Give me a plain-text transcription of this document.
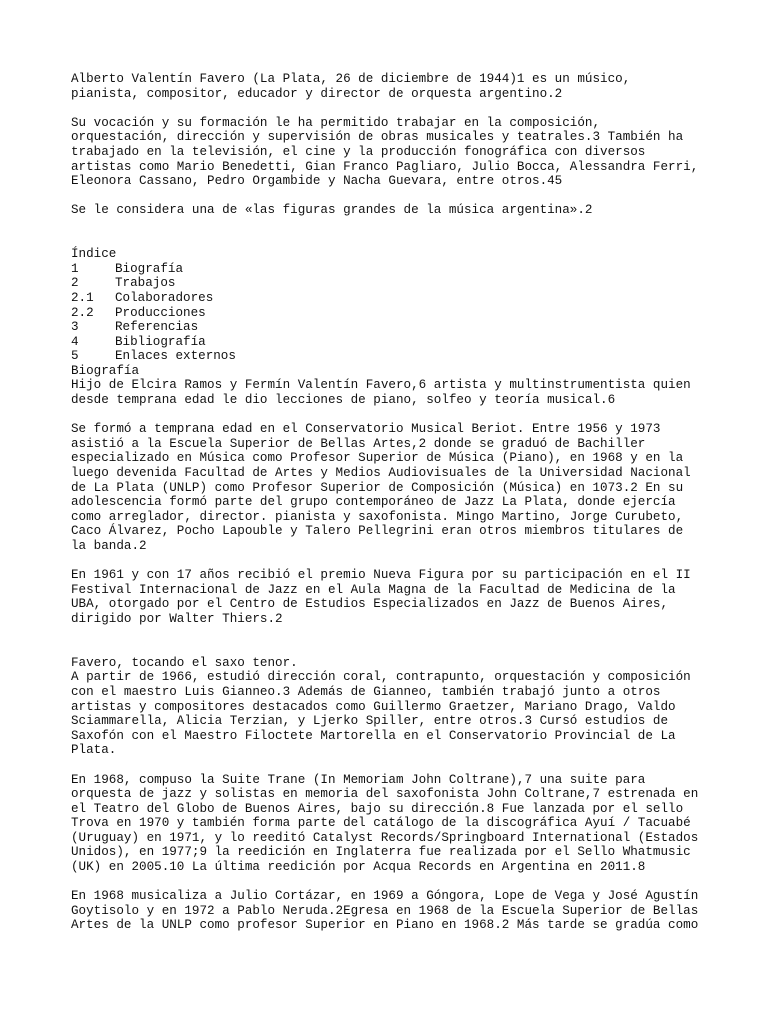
Alberto Valentín Favero (La Plata, 26 de diciembre de 1944)1 es un músico,
pianista, compositor, educador y director de orquesta argentino.2
Su vocación y su formación le ha permitido trabajar en la composición,
orquestación, dirección y supervisión de obras musicales y teatrales.3 También ha
trabajado en la televisión, el cine y la producción fonográfica con diversos
artistas como Mario Benedetti, Gian Franco Pagliaro, Julio Bocca, Alessandra Ferri,
Eleonora Cassano, Pedro Orgambide y Nacha Guevara, entre otros.45
Se le considera una de «las figuras grandes de la música argentina».2
Índice
1	Biografía
2	Trabajos
2.1	Colaboradores
2.2	Producciones
3	Referencias
4	Bibliografía
5	Enlaces externos
Biografía
Hijo de Elcira Ramos y Fermín Valentín Favero,6 artista y multinstrumentista quien
desde temprana edad le dio lecciones de piano, solfeo y teoría musical.6
Se formó a temprana edad en el Conservatorio Musical Beriot. Entre 1956 y 1973
asistió a la Escuela Superior de Bellas Artes,2 donde se graduó de Bachiller
especializado en Música como Profesor Superior de Música (Piano), en 1968 y en la
luego devenida Facultad de Artes y Medios Audiovisuales de la Universidad Nacional
de La Plata (UNLP) como Profesor Superior de Composición (Música) en 1073.2 En su
adolescencia formó parte del grupo contemporáneo de Jazz La Plata, donde ejercía
como arreglador, director. pianista y saxofonista. Mingo Martino, Jorge Curubeto,
Caco Álvarez, Pocho Lapouble y Talero Pellegrini eran otros miembros titulares de
la banda.2
En 1961 y con 17 años recibió el premio Nueva Figura por su participación en el II
Festival Internacional de Jazz en el Aula Magna de la Facultad de Medicina de la
UBA, otorgado por el Centro de Estudios Especializados en Jazz de Buenos Aires,
dirigido por Walter Thiers.2
Favero, tocando el saxo tenor.
A partir de 1966, estudió dirección coral, contrapunto, orquestación y composición
con el maestro Luis Gianneo.3 Además de Gianneo, también trabajó junto a otros
artistas y compositores destacados como Guillermo Graetzer, Mariano Drago, Valdo
Sciammarella, Alicia Terzian, y Ljerko Spiller, entre otros.3 Cursó estudios de
Saxofón con el Maestro Filoctete Martorella en el Conservatorio Provincial de La
Plata.
En 1968, compuso la Suite Trane (In Memoriam John Coltrane),7 una suite para
orquesta de jazz y solistas en memoria del saxofonista John Coltrane,7 estrenada en
el Teatro del Globo de Buenos Aires, bajo su dirección.8 Fue lanzada por el sello
Trova en 1970 y también forma parte del catálogo de la discográfica Ayuí / Tacuabé
(Uruguay) en 1971, y lo reeditó Catalyst Records/Springboard International (Estados
Unidos), en 1977;9 la reedición en Inglaterra fue realizada por el Sello Whatmusic
(UK) en 2005.10 La última reedición por Acqua Records en Argentina en 2011.8
En 1968 musicaliza a Julio Cortázar, en 1969 a Góngora, Lope de Vega y José Agustín
Goytisolo y en 1972 a Pablo Neruda.2Egresa en 1968 de la Escuela Superior de Bellas
Artes de la UNLP como profesor Superior en Piano en 1968.2 Más tarde se gradúa como
